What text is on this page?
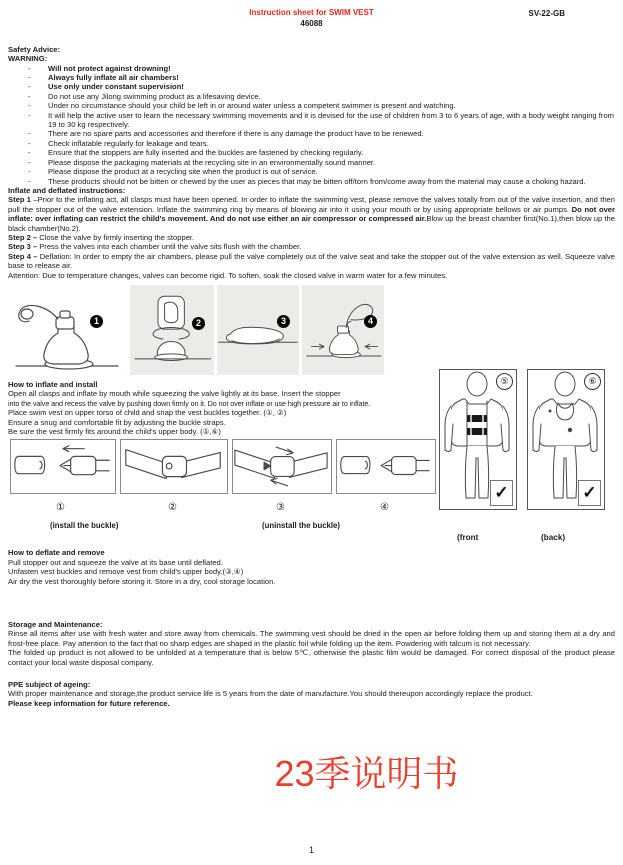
Instruction sheet for SWIM VEST
46088
SV-22-GB
Safety Advice:
WARNING:
-	Will not protect against drowning!
-	Always fully inflate all air chambers!
-	Use only under constant supervision!
-	Do not use any Jilong swimming product as a lifesaving device.
-	Under no circumstance should your child be left in or around water unless a competent swimmer is present and watching.
-	It will help the active user to learn the necessary swimming movements and it is devised for the use of children from 3 to 6 years of age, with a body weight ranging from 19 to 30 kg respectively.
-	There are no spare parts and accessories and therefore if there is any damage the product have to be renewed.
-	Check inflatable regularly for leakage and tears.
-	Ensure that the stoppers are fully inserted and the buckles are fastened by checking regularly.
-	Please dispose the packaging materials at the recycling site in an environmentally sound manner.
-	Please dispose the product at a recycling site when the product is out of service.
-	These products should not be bitten or chewed by the user as pieces that may be bitten off/torn from/come away from the material may cause a choking hazard.
Inflate and deflated instructions:

Step 1 –Prior to the inflating act, all clasps must have been opened. In order to inflate the swimming vest, please remove the valves totally from out of the valve insertion, and then pull the stopper out of the valve extension. Inflate the swimming ring by means of blowing air into it using your mouth or by using appropriate bellows or air pumps. Do not over inflate: over inflating can restrict the child's movement. And do not use either an air compressor or compressed air.Blow up the breast chamber first(No.1),then blow up the black chamber(No.2).

Step 2 – Close the valve by firmly inserting the stopper.

Step 3 – Press the valves into each chamber until the valve sits flush with the chamber.

Step 4 – Deflation: In order to empty the air chambers, please pull the valve completely out of the valve seat and take the stopper out of the valve extension as well. Squeeze valve base to release air.

Attention: Due to temperature changes, valves can become rigid. To soften, soak the closed valve in warm water for a few minutes.

1	2	3	4
How to inflate and install
Open all clasps and inflate by mouth while squeezing the valve lightly at its base. Insert the stopper
into the valve and recess the valve by pushing down firmly on it. Do not over inflate or use high pressure air to inflate.
Place swim vest on upper torso of child and snap the vest buckles together. (①, ②)
Ensure a snug and comfortable fit by adjusting the buckle straps.
Be sure the vest firmly fits around the child's upper body. (⑤,⑥)
①	②	③	④
(install the buckle)	(uninstall the buckle)
How to deflate and remove
Pull stopper out and squeeze the valve at its base until deflated.
Unfasten vest buckles and remove vest from child's upper body.(③,④)
Air dry the vest thoroughly before storing it. Store in a dry, cool storage location.
Storage and Maintenance:

Rinse all items after use with fresh water and store away from chemicals. The swimming vest should be dried in the open air before folding them up and storing them at a dry and frost-free place. Pay attention to the fact that no sharp edges are shaped in the plastic foil while folding up the item. Powdering with talcum is not necessary.

The folded up product is not allowed to be unfolded at a temperature that is below 5℃, otherwise the plastic film would be damaged. For correct disposal of the product please contact your local waste disposal company.

PPE subject of ageing:
With proper maintenance and storage,the product service life is 5 years from the date of manufacture.You should thereupon accordingly replace the product.
Please keep information for future reference.
⑤
✓
⑥
✓
(front	(back)
23季说明书
1
